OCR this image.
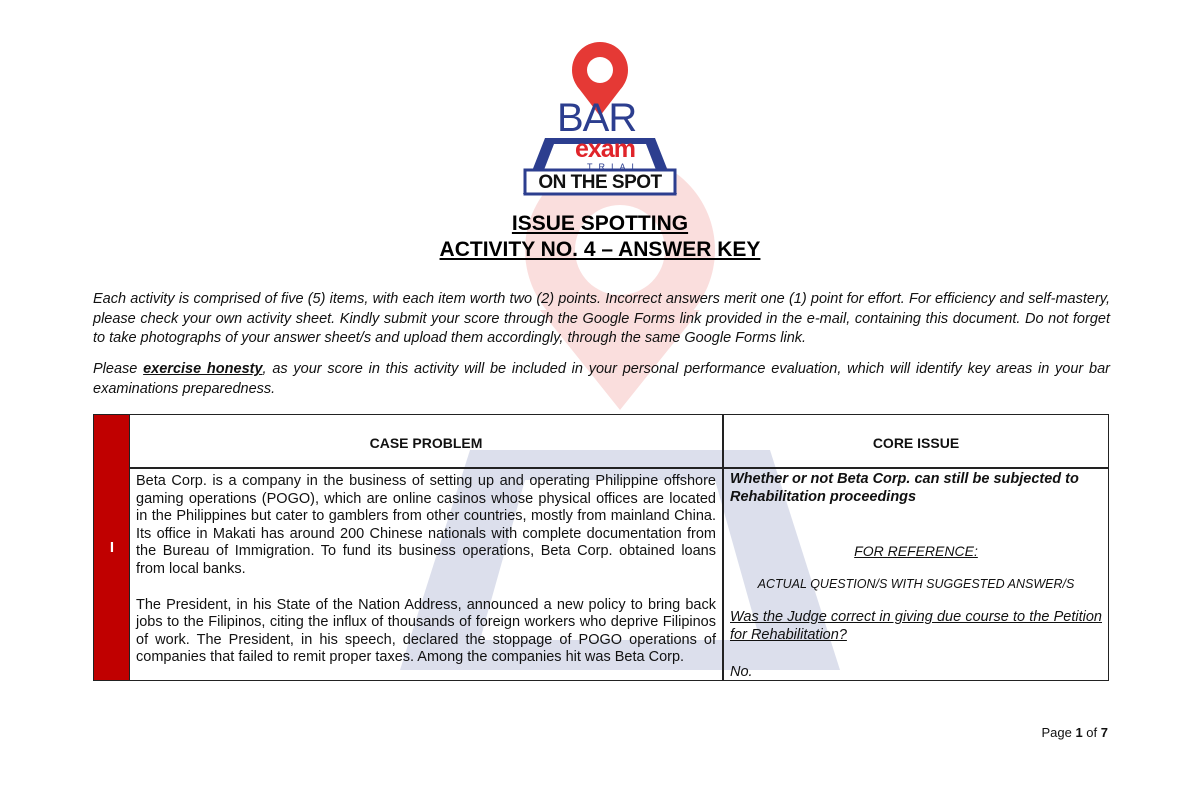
BAR
exam
TRIAL
ON THE SPOT
ISSUE SPOTTING
ACTIVITY NO. 4 – ANSWER KEY

Each activity is comprised of five (5) items, with each item worth two (2) points. Incorrect answers merit one (1) point for effort. For efficiency and self-mastery, please check your own activity sheet. Kindly submit your score through the Google Forms link provided in the e-mail, containing this document. Do not forget to take photographs of your answer sheet/s and upload them accordingly, through the same Google Forms link.

Please exercise honesty, as your score in this activity will be included in your personal performance evaluation, which will identify key areas in your bar examinations preparedness.

I
CASE PROBLEM	CORE ISSUE

Beta Corp. is a company in the business of setting up and operating Philippine offshore gaming operations (POGO), which are online casinos whose physical offices are located in the Philippines but cater to gamblers from other countries, mostly from mainland China. Its office in Makati has around 200 Chinese nationals with complete documentation from the Bureau of Immigration. To fund its business operations, Beta Corp. obtained loans from local banks.

The President, in his State of the Nation Address, announced a new policy to bring back jobs to the Filipinos, citing the influx of thousands of foreign workers who deprive Filipinos of work. The President, in his speech, declared the stoppage of POGO operations of companies that failed to remit proper taxes. Among the companies hit was Beta Corp.

Whether or not Beta Corp. can still be subjected to Rehabilitation proceedings
FOR REFERENCE:
ACTUAL QUESTION/S WITH SUGGESTED ANSWER/S
Was the Judge correct in giving due course to the Petition for Rehabilitation?
No.
Page 1 of 7
